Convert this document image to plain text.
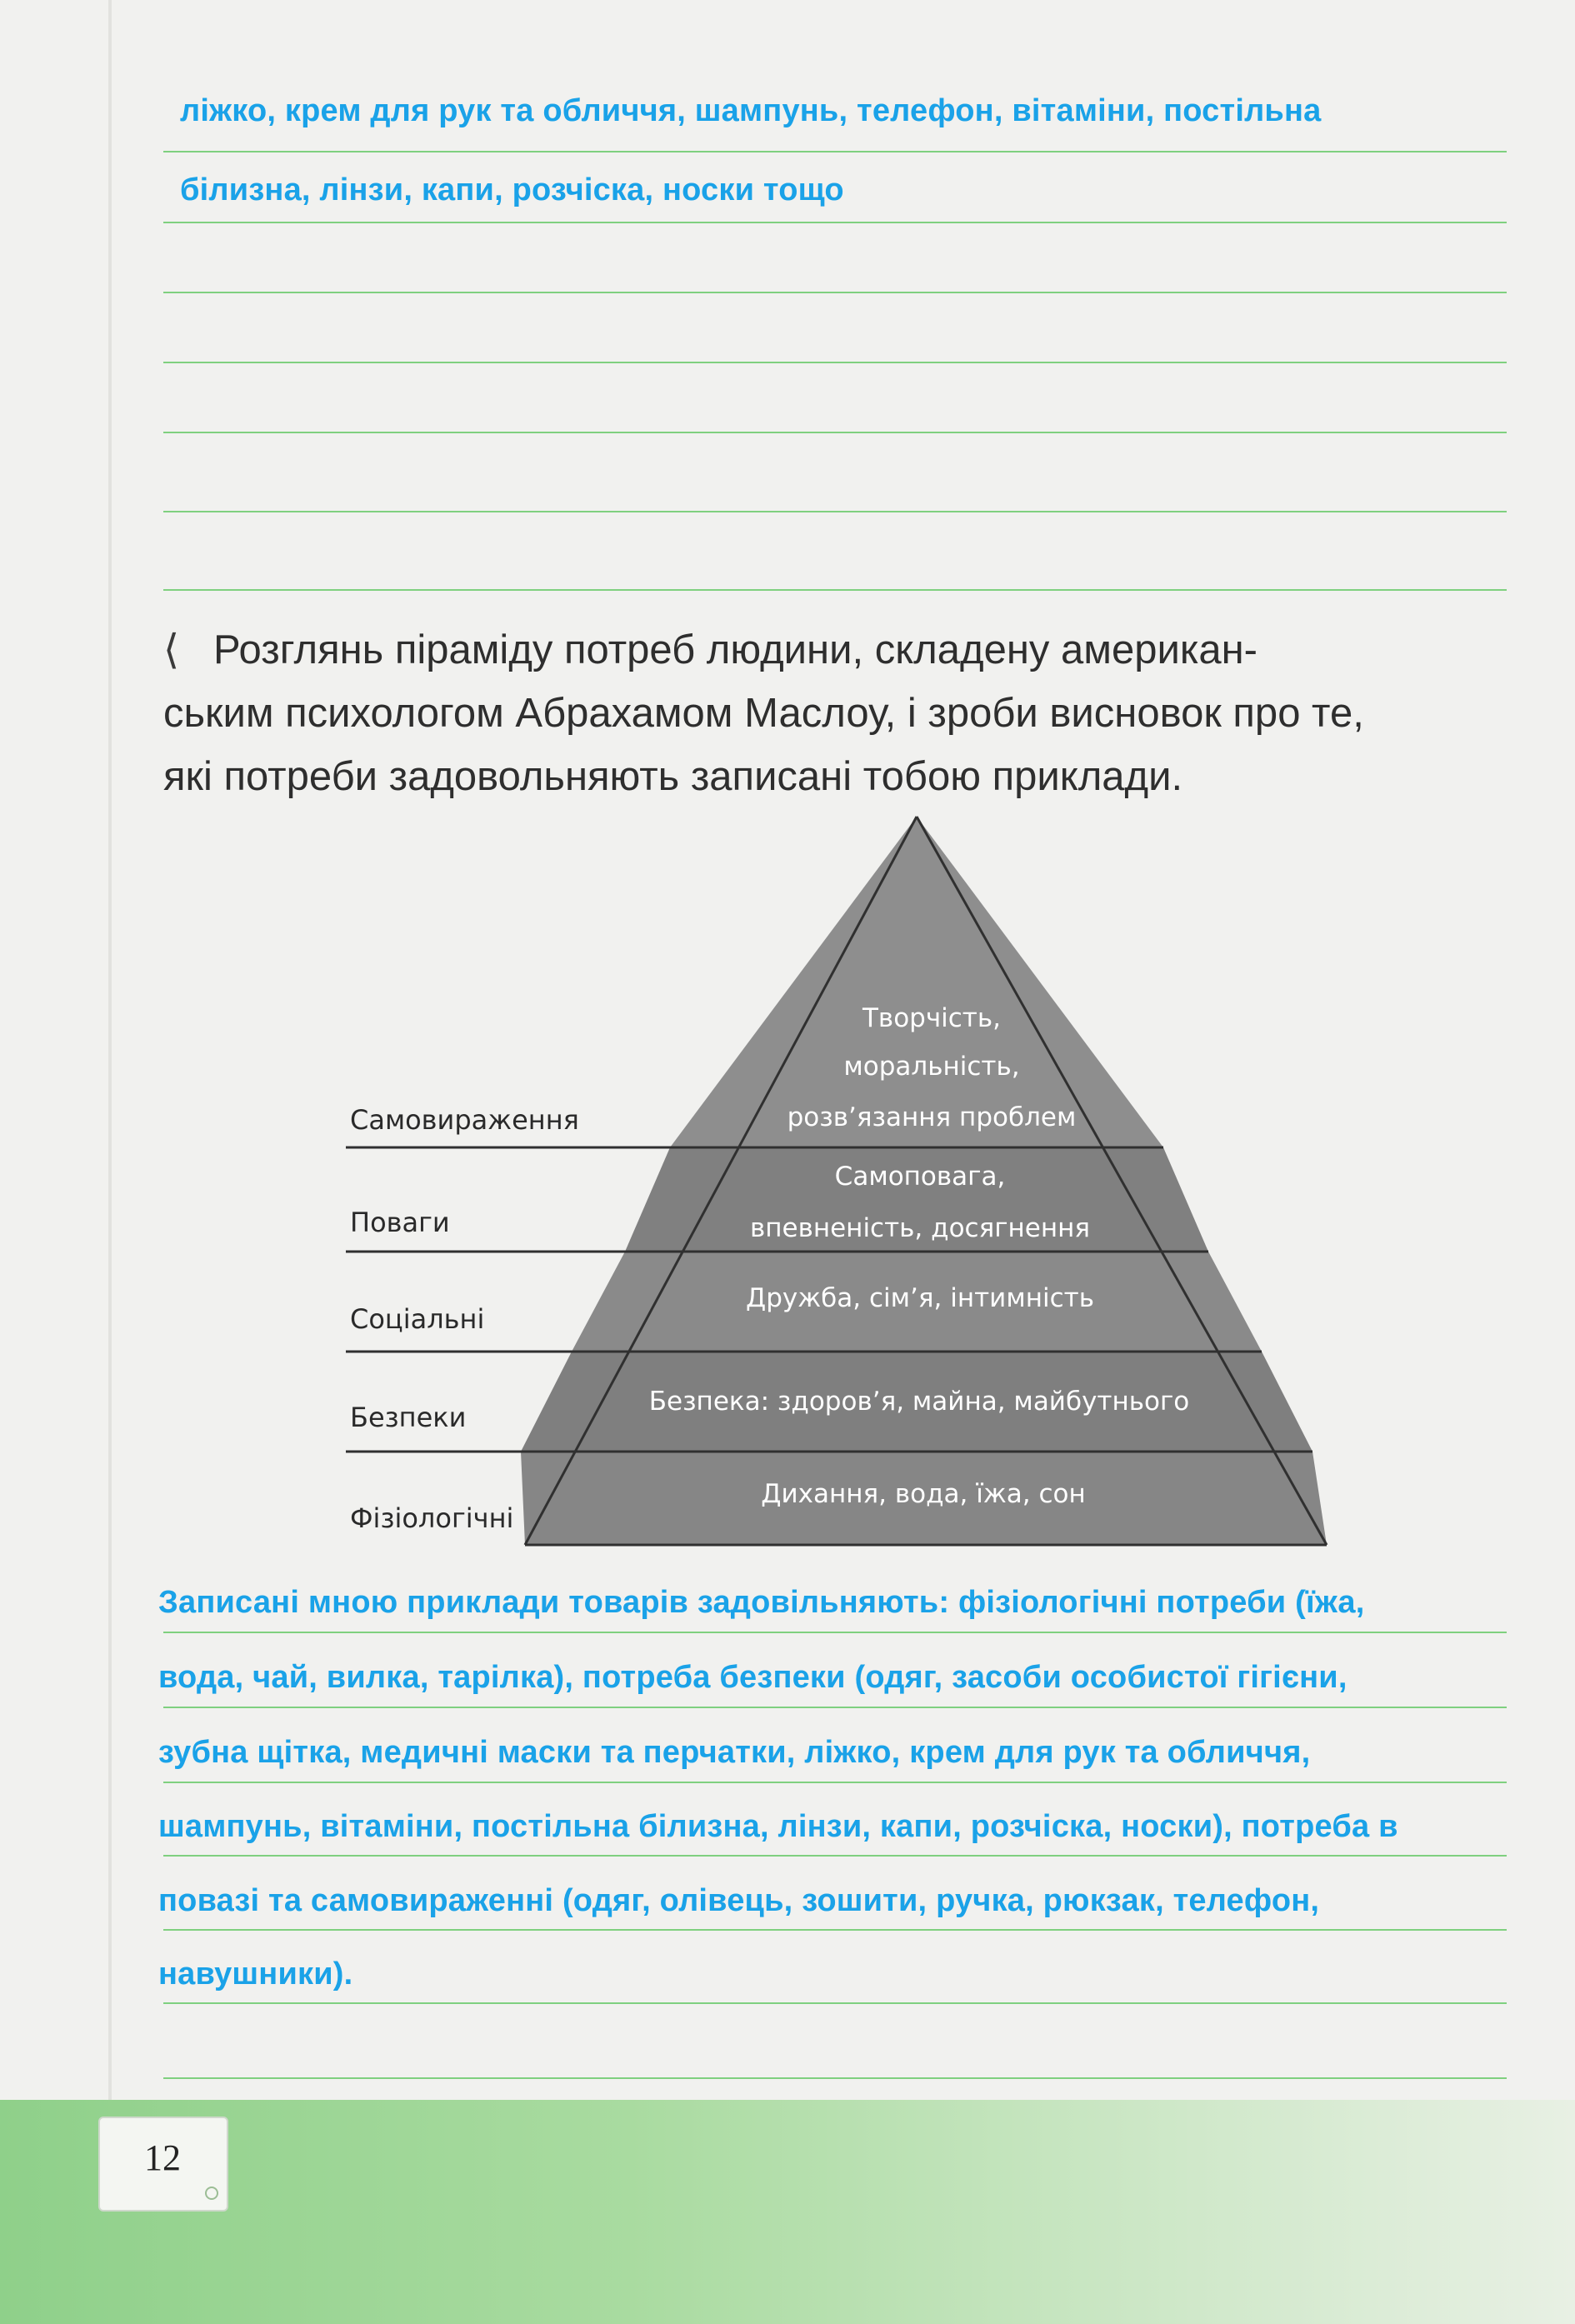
ліжко, крем для рук та обличчя, шампунь, телефон, вітаміни, постільна
білизна, лінзи, капи, розчіска, носки тощо
⟨ Розглянь піраміду потреб людини, складену американ-
ським психологом Абрахамом Маслоу, і зроби висновок про те,
які потреби задовольняють записані тобою приклади.
Самовираження
Поваги
Соціальні
Безпеки
Фізіологічні
Творчість,
моральність,
розв’язання проблем
Самоповага,
впевненість, досягнення
Дружба, сім’я, інтимність
Безпека: здоров’я, майна, майбутнього
Дихання, вода, їжа, сон
Записані мною приклади товарів задовільняють: фізіологічні потреби (їжа,
вода, чай, вилка, тарілка), потреба безпеки (одяг, засоби особистої гігієни,
зубна щітка, медичні маски та перчатки, ліжко, крем для рук та обличчя,
шампунь, вітаміни, постільна білизна, лінзи, капи, розчіска, носки), потреба в
повазі та самовираженні (одяг, олівець, зошити, ручка, рюкзак, телефон,
навушники).
12
